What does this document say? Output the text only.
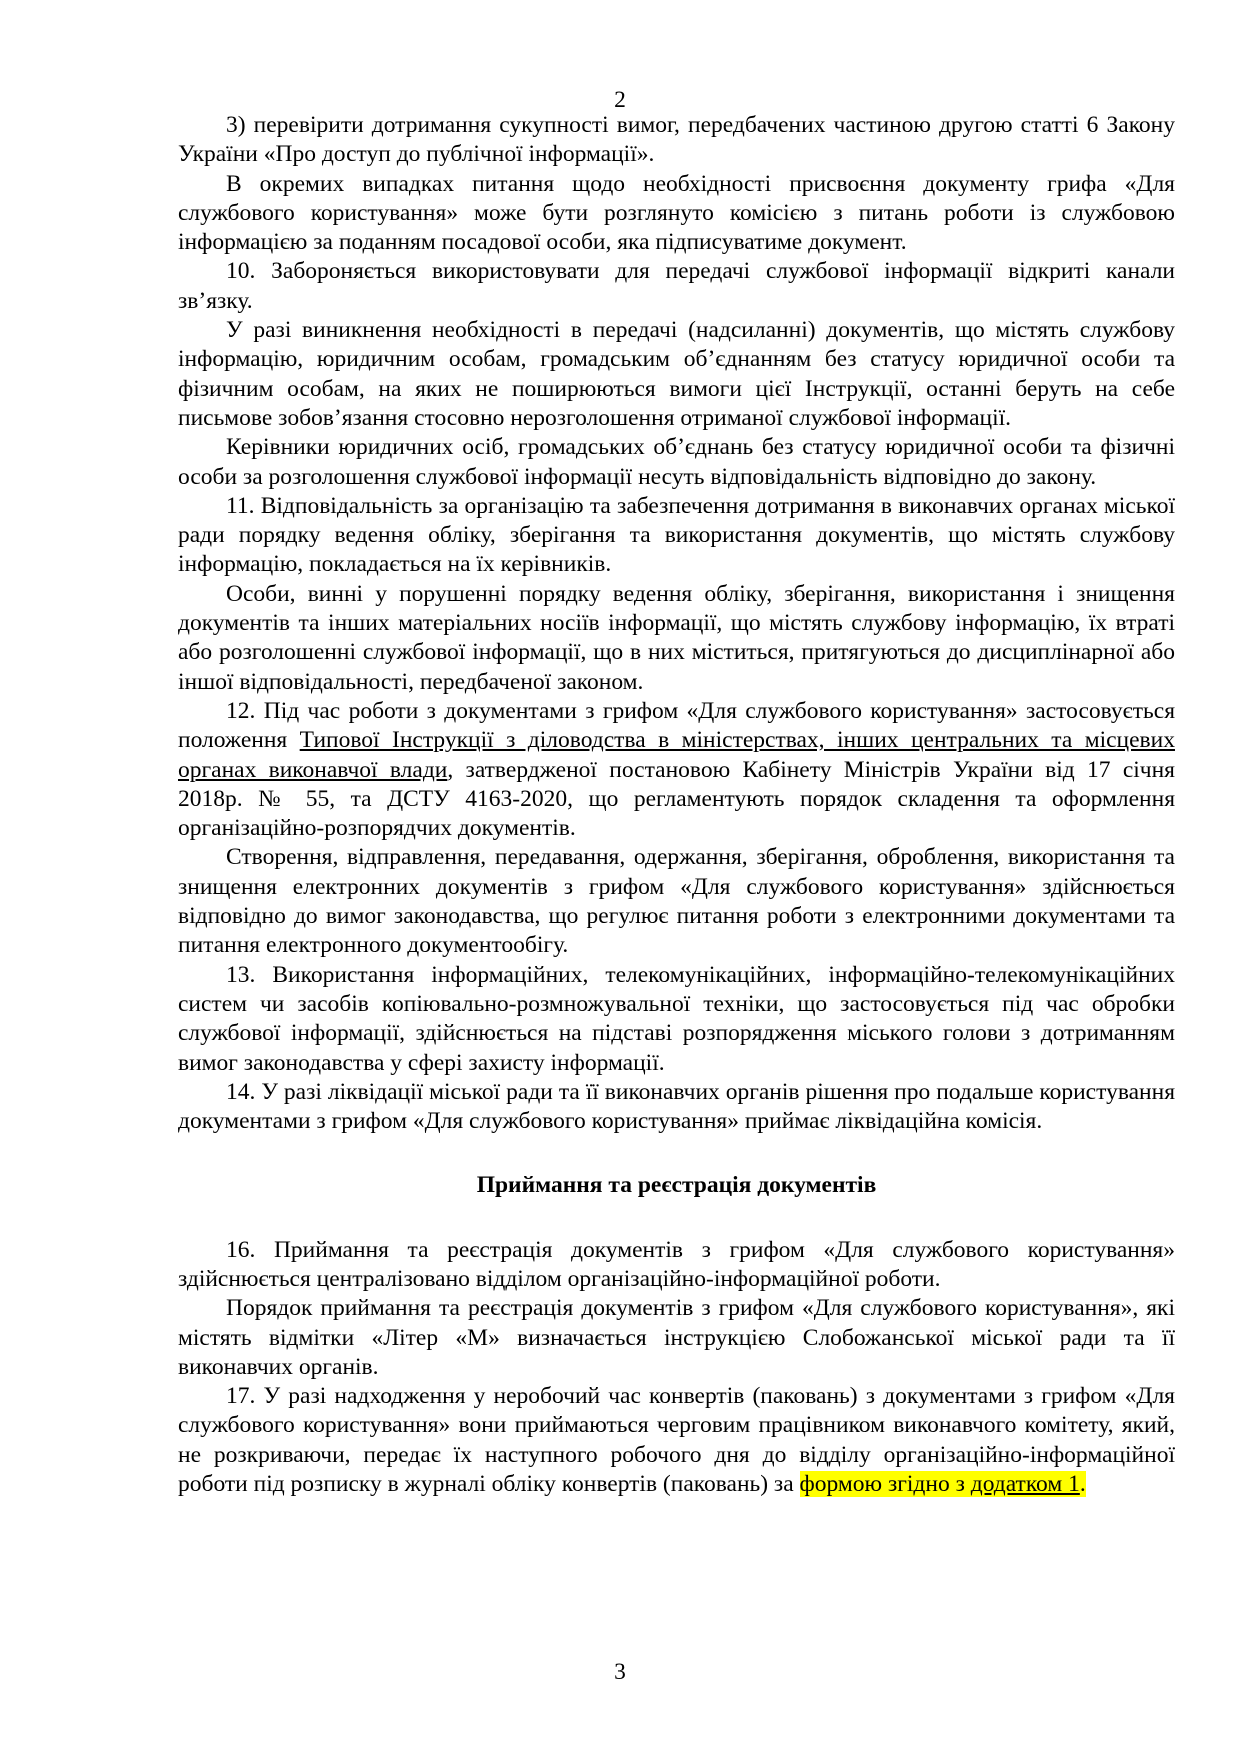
2

3) перевірити дотримання сукупності вимог, передбачених частиною другою статті 6 Закону України «Про доступ до публічної інформації».

В окремих випадках питання щодо необхідності присвоєння документу грифа «Для службового користування» може бути розглянуто комісією з питань роботи із службовою інформацією за поданням посадової особи, яка підписуватиме документ.

10. Забороняється використовувати для передачі службової інформації відкриті канали зв’язку.

У разі виникнення необхідності в передачі (надсиланні) документів, що містять службову інформацію, юридичним особам, громадським об’єднанням без статусу юридичної особи та фізичним особам, на яких не поширюються вимоги цієї Інструкції, останні беруть на себе письмове зобов’язання стосовно нерозголошення отриманої службової інформації.

Керівники юридичних осіб, громадських об’єднань без статусу юридичної особи та фізичні особи за розголошення службової інформації несуть відповідальність відповідно до закону.

11. Відповідальність за організацію та забезпечення дотримання в виконавчих органах міської ради порядку ведення обліку, зберігання та використання документів, що містять службову інформацію, покладається на їх керівників.

Особи, винні у порушенні порядку ведення обліку, зберігання, використання і знищення документів та інших матеріальних носіїв інформації, що містять службову інформацію, їх втраті або розголошенні службової інформації, що в них міститься, притягуються до дисциплінарної або іншої відповідальності, передбаченої законом.

12. Під час роботи з документами з грифом «Для службового користування» застосовується положення Типової Інструкції з діловодства в міністерствах, інших центральних та місцевих органах виконавчої влади, затвердженої постановою Кабінету Міністрів України від 17 січня 2018р. № 55, та ДСТУ 4163-2020, що регламентують порядок складення та оформлення організаційно-розпорядчих документів.

Створення, відправлення, передавання, одержання, зберігання, оброблення, використання та знищення електронних документів з грифом «Для службового користування» здійснюється відповідно до вимог законодавства, що регулює питання роботи з електронними документами та питання електронного документообігу.

13. Використання інформаційних, телекомунікаційних, інформаційно-телекомунікаційних систем чи засобів копіювально-розмножувальної техніки, що застосовується під час обробки службової інформації, здійснюється на підставі розпорядження міського голови з дотриманням вимог законодавства у сфері захисту інформації.

14. У разі ліквідації міської ради та її виконавчих органів рішення про подальше користування документами з грифом «Для службового користування» приймає ліквідаційна комісія.

Приймання та реєстрація документів

16. Приймання та реєстрація документів з грифом «Для службового користування» здійснюється централізовано відділом організаційно-інформаційної роботи.

Порядок приймання та реєстрація документів з грифом «Для службового користування», які містять відмітки «Літер «М» визначається інструкцією Слобожанської міської ради та її виконавчих органів.

17. У разі надходження у неробочий час конвертів (паковань) з документами з грифом «Для службового користування» вони приймаються черговим працівником виконавчого комітету, який, не розкриваючи, передає їх наступного робочого дня до відділу організаційно-інформаційної роботи під розписку в журналі обліку конвертів (паковань) за формою згідно з додатком 1.

3
